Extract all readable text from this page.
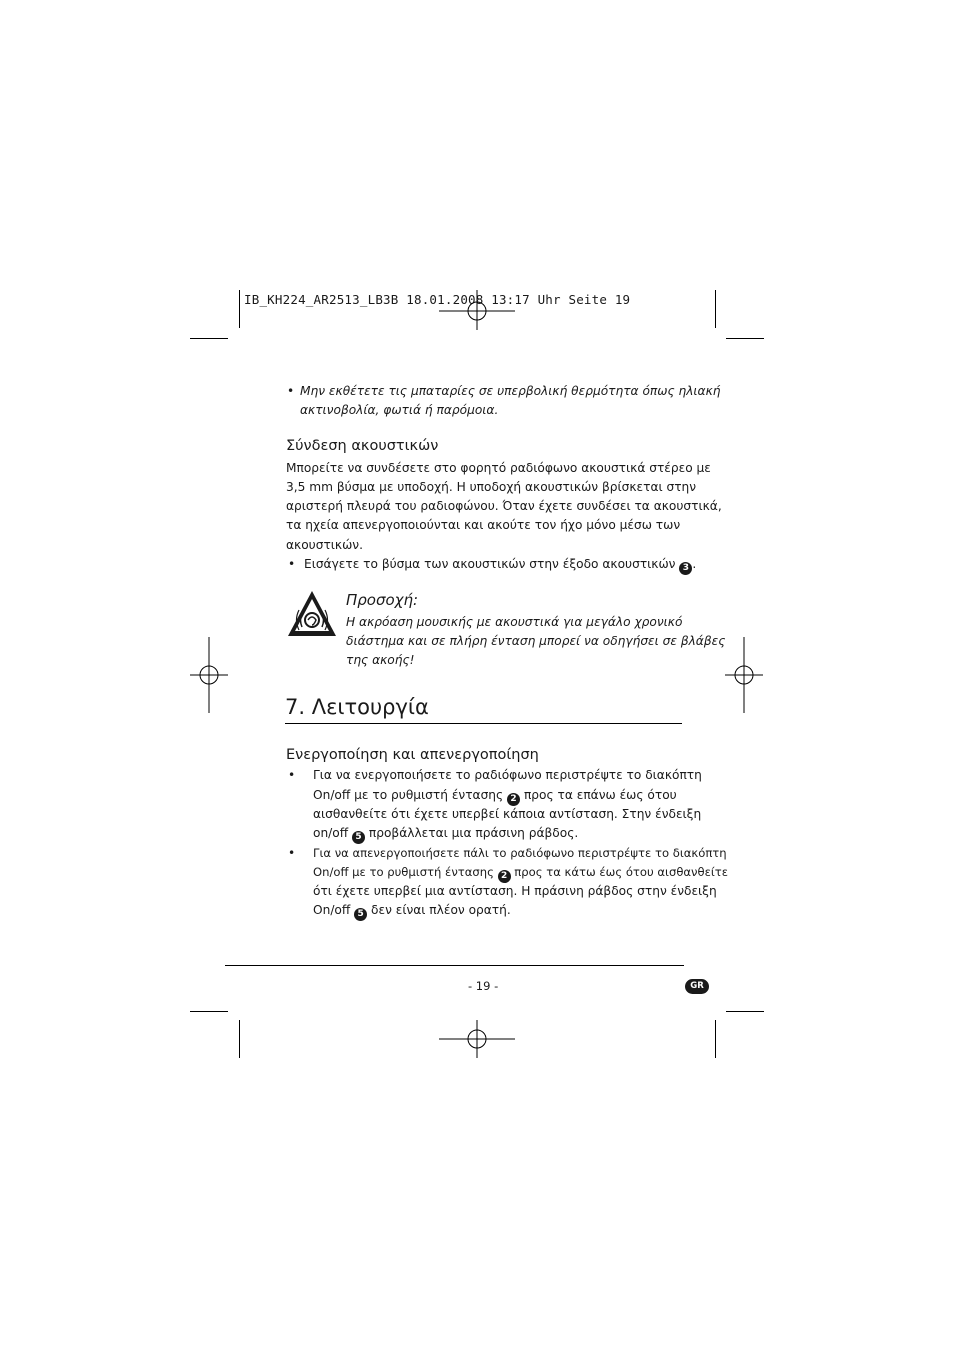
IB_KH224_AR2513_LB3B 18.01.2008 13:17 Uhr Seite 19
• Μην εκθέτετε τις μπαταρίες σε υπερβολική θερμότητα όπως ηλιακή
ακτινοβολία, φωτιά ή παρόμοια.
Σύνδεση ακουστικών
Μπορείτε να συνδέσετε στο φορητό ραδιόφωνο ακουστικά στέρεο με
3,5 mm βύσμα με υποδοχή. Η υποδοχή ακουστικών βρίσκεται στην
αριστερή πλευρά του ραδιοφώνου. Όταν έχετε συνδέσει τα ακουστικά,
τα ηχεία απενεργοποιούνται και ακούτε τον ήχο μόνο μέσω των
ακουστικών.
• Εισάγετε το βύσμα των ακουστικών στην έξοδο ακουστικών 3 .
Προσοχή:
Η ακρόαση μουσικής με ακουστικά για μεγάλο χρονικό
διάστημα και σε πλήρη ένταση μπορεί να οδηγήσει σε βλάβες
της ακοής!
7. Λειτουργία
Ενεργοποίηση και απενεργοποίηση
• Για να ενεργοποιήσετε το ραδιόφωνο περιστρέψτε το διακόπτη
On/off με το ρυθμιστή έντασης 2 προς τα επάνω έως ότου
αισθανθείτε ότι έχετε υπερβεί κάποια αντίσταση. Στην ένδειξη
on/off 5 προβάλλεται μια πράσινη ράβδος.
• Για να απενεργοποιήσετε πάλι το ραδιόφωνο περιστρέψτε το διακόπτη
On/off με το ρυθμιστή έντασης 2 προς τα κάτω έως ότου αισθανθείτε
ότι έχετε υπερβεί μια αντίσταση. Η πράσινη ράβδος στην ένδειξη
On/off 5 δεν είναι πλέον ορατή.
- 19 -	GR
